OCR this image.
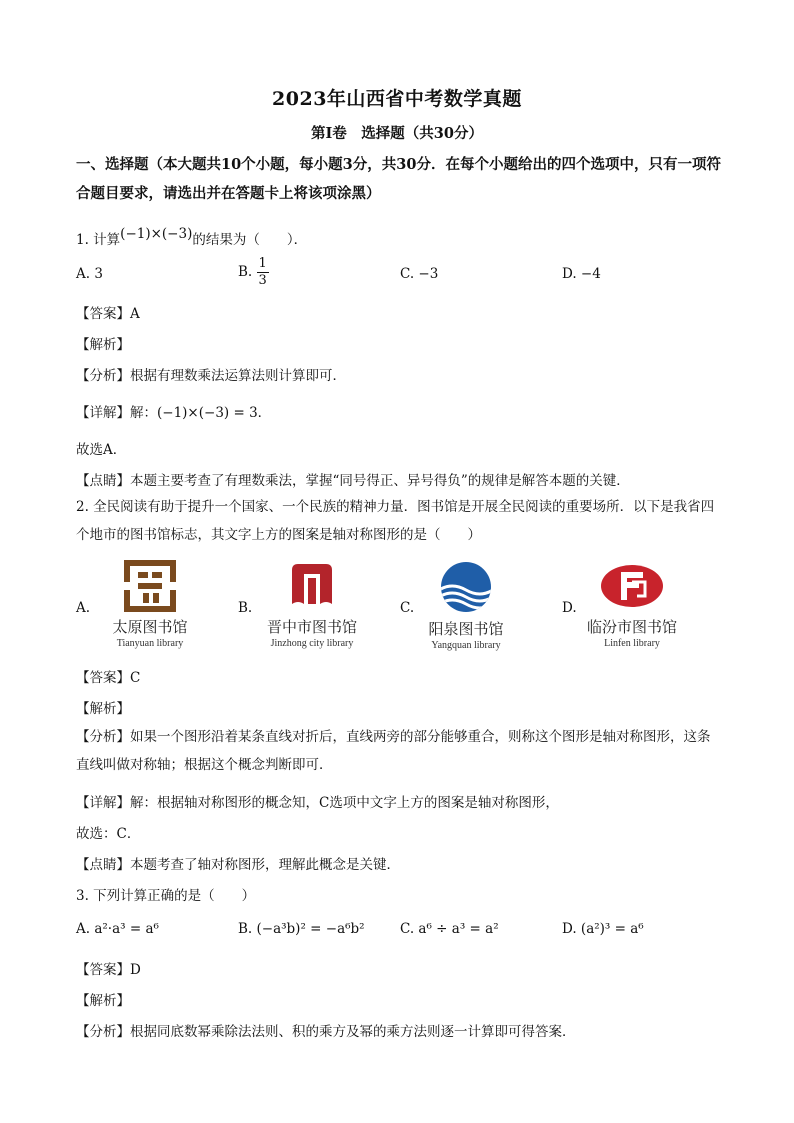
2023年山西省中考数学真题
第Ⅰ卷　选择题（共30分）
一、选择题（本大题共10个小题，每小题3分，共30分．在每个小题给出的四个选项中，只有一项符合题目要求，请选出并在答题卡上将该项涂黑）
1. 计算(−1)×(−3)的结果为（　　）．
A. 3	B. $\frac{1}{3}$	C. −3	D. −4
【答案】A
【解析】
【分析】根据有理数乘法运算法则计算即可．
【详解】解：(−1)×(−3) = 3．
故选A．
【点睛】本题主要考查了有理数乘法，掌握“同号得正、异号得负”的规律是解答本题的关键．
2. 全民阅读有助于提升一个国家、一个民族的精神力量．图书馆是开展全民阅读的重要场所．以下是我省四个地市的图书馆标志，其文字上方的图案是轴对称图形的是（　　）
A.
太原图书馆
Tianyuan library
B.
晋中市图书馆
Jinzhong city library
C.
阳泉图书馆
Yangquan library
D.
临汾市图书馆
Linfen library
【答案】C
【解析】
【分析】如果一个图形沿着某条直线对折后，直线两旁的部分能够重合，则称这个图形是轴对称图形，这条直线叫做对称轴；根据这个概念判断即可．
【详解】解：根据轴对称图形的概念知，C选项中文字上方的图案是轴对称图形，
故选：C．
【点睛】本题考查了轴对称图形，理解此概念是关键．
3. 下列计算正确的是（　　）
A. a²·a³ = a⁶	B. (−a³b)² = −a⁶b²	C. a⁶ ÷ a³ = a²	D. (a²)³ = a⁶
【答案】D
【解析】
【分析】根据同底数幂乘除法法则、积的乘方及幂的乘方法则逐一计算即可得答案．
